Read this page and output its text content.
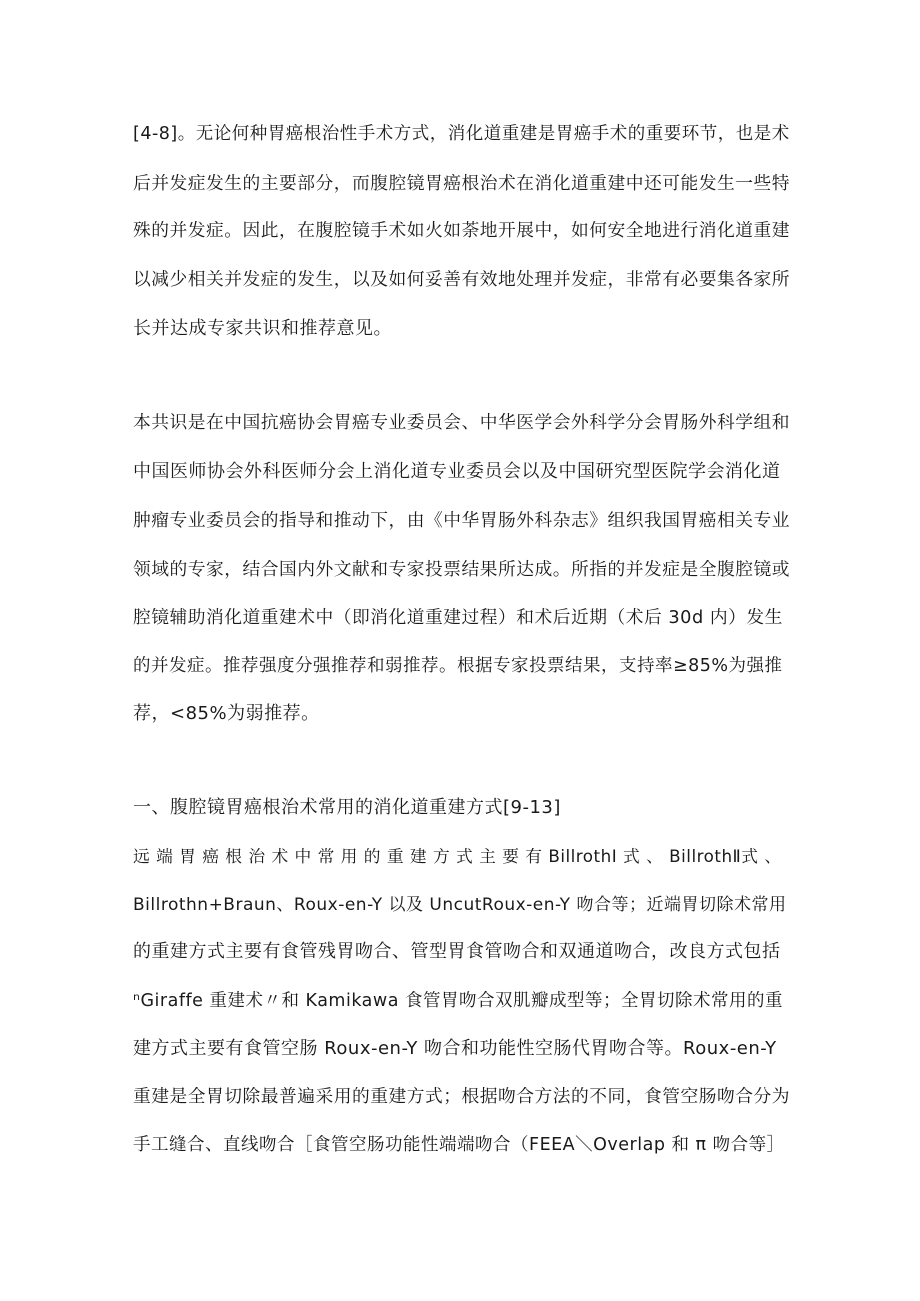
[4-8]。无论何种胃癌根治性手术方式，消化道重建是胃癌手术的重要环节，也是术
后并发症发生的主要部分，而腹腔镜胃癌根治术在消化道重建中还可能发生一些特
殊的并发症。因此，在腹腔镜手术如火如荼地开展中，如何安全地进行消化道重建
以减少相关并发症的发生，以及如何妥善有效地处理并发症，非常有必要集各家所
长并达成专家共识和推荐意见。
本共识是在中国抗癌协会胃癌专业委员会、中华医学会外科学分会胃肠外科学组和
中国医师协会外科医师分会上消化道专业委员会以及中国研究型医院学会消化道
肿瘤专业委员会的指导和推动下，由《中华胃肠外科杂志》组织我国胃癌相关专业
领域的专家，结合国内外文献和专家投票结果所达成。所指的并发症是全腹腔镜或
腔镜辅助消化道重建术中（即消化道重建过程）和术后近期（术后 30d 内）发生
的并发症。推荐强度分强推荐和弱推荐。根据专家投票结果，支持率≥85%为强推
荐，<85%为弱推荐。
一、腹腔镜胃癌根治术常用的消化道重建方式[9-13]
远 端 胃 癌 根 治 术 中 常 用 的 重 建 方 式 主 要 有 BillrothI 式 、 BillrothⅡ式 、
Billrothn+Braun、Roux-en-Y 以及 UncutRoux-en-Y 吻合等；近端胃切除术常用
的重建方式主要有食管残胃吻合、管型胃食管吻合和双通道吻合，改良方式包括
ⁿGiraffe 重建术〃和 Kamikawa 食管胃吻合双肌瓣成型等；全胃切除术常用的重
建方式主要有食管空肠 Roux-en-Y 吻合和功能性空肠代胃吻合等。Roux-en-Y
重建是全胃切除最普遍采用的重建方式；根据吻合方法的不同，食管空肠吻合分为
手工缝合、直线吻合［食管空肠功能性端端吻合（FEEA＼Overlap 和 π 吻合等］
